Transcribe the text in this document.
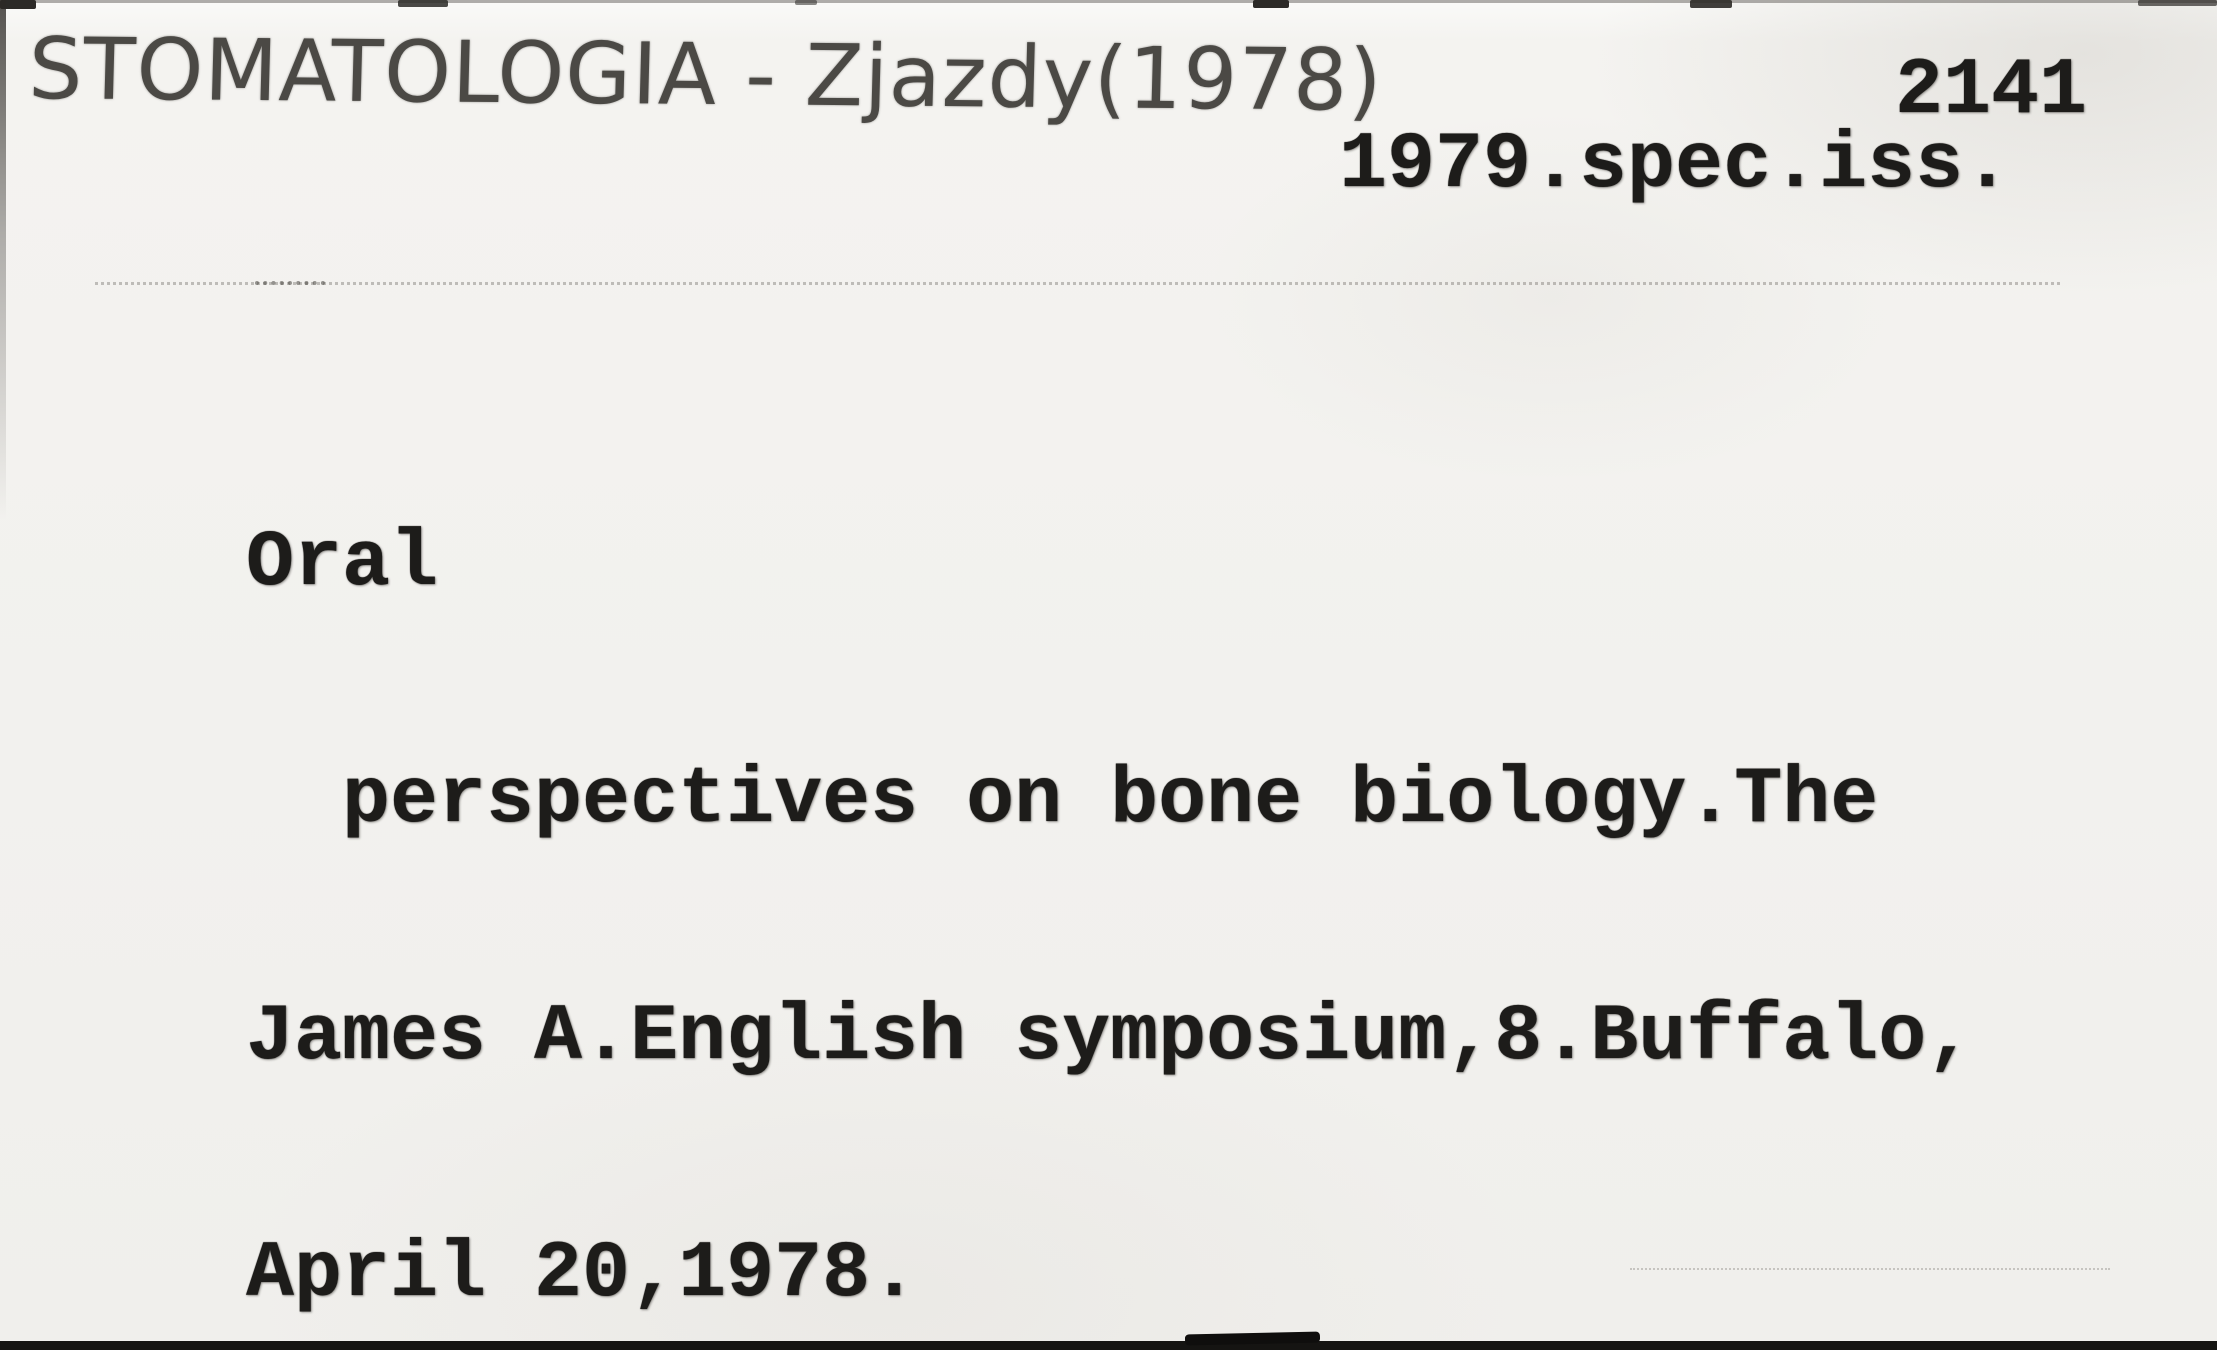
STOMATOLOGIA - Zjazdy(1978)	2141
1979.spec.iss.

Oral

perspectives on bone biology.The

James A.English symposium,8.Buffalo,

April 20,1978.
